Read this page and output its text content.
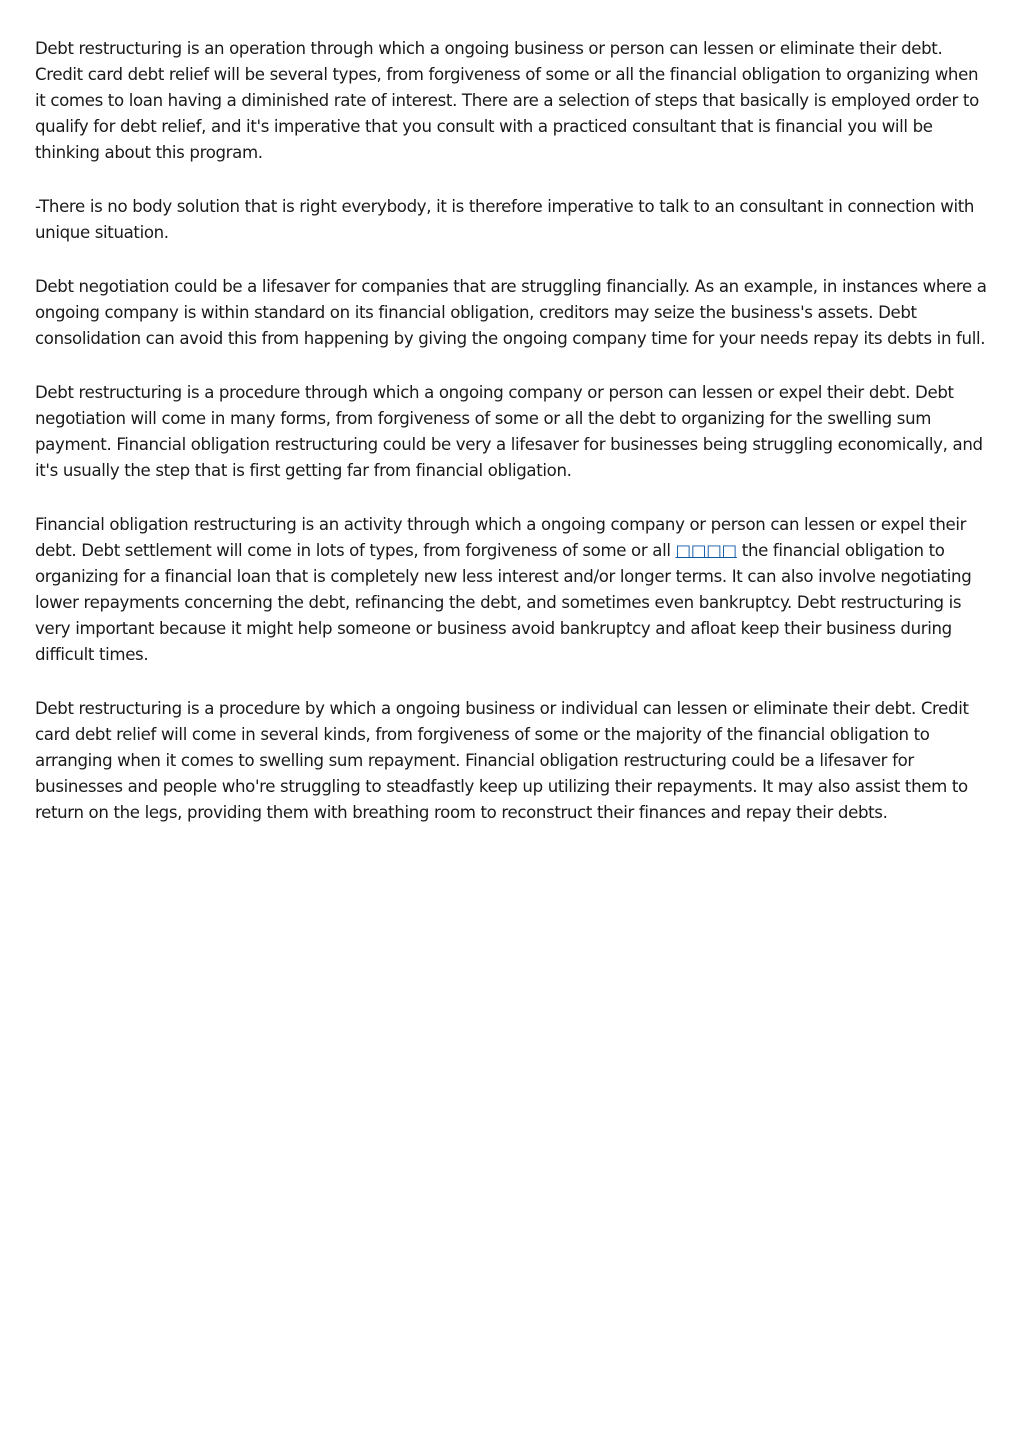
Debt restructuring is an operation through which a ongoing business or person can lessen or eliminate their debt. Credit card debt relief will be several types, from forgiveness of some or all the financial obligation to organizing when it comes to loan having a diminished rate of interest. There are a selection of steps that basically is employed order to qualify for debt relief, and it's imperative that you consult with a practiced consultant that is financial you will be thinking about this program.

-There is no body solution that is right everybody, it is therefore imperative to talk to an consultant in connection with unique situation.

Debt negotiation could be a lifesaver for companies that are struggling financially. As an example, in instances where a ongoing company is within standard on its financial obligation, creditors may seize the business's assets. Debt consolidation can avoid this from happening by giving the ongoing company time for your needs repay its debts in full.

Debt restructuring is a procedure through which a ongoing company or person can lessen or expel their debt. Debt negotiation will come in many forms, from forgiveness of some or all the debt to organizing for the swelling sum payment. Financial obligation restructuring could be very a lifesaver for businesses being struggling economically, and it's usually the step that is first getting far from financial obligation.

Financial obligation restructuring is an activity through which a ongoing company or person can lessen or expel their debt. Debt settlement will come in lots of types, from forgiveness of some or all □□□□ the financial obligation to organizing for a financial loan that is completely new less interest and/or longer terms. It can also involve negotiating lower repayments concerning the debt, refinancing the debt, and sometimes even bankruptcy. Debt restructuring is very important because it might help someone or business avoid bankruptcy and afloat keep their business during difficult times.

Debt restructuring is a procedure by which a ongoing business or individual can lessen or eliminate their debt. Credit card debt relief will come in several kinds, from forgiveness of some or the majority of the financial obligation to arranging when it comes to swelling sum repayment. Financial obligation restructuring could be a lifesaver for businesses and people who're struggling to steadfastly keep up utilizing their repayments. It may also assist them to return on the legs, providing them with breathing room to reconstruct their finances and repay their debts.
